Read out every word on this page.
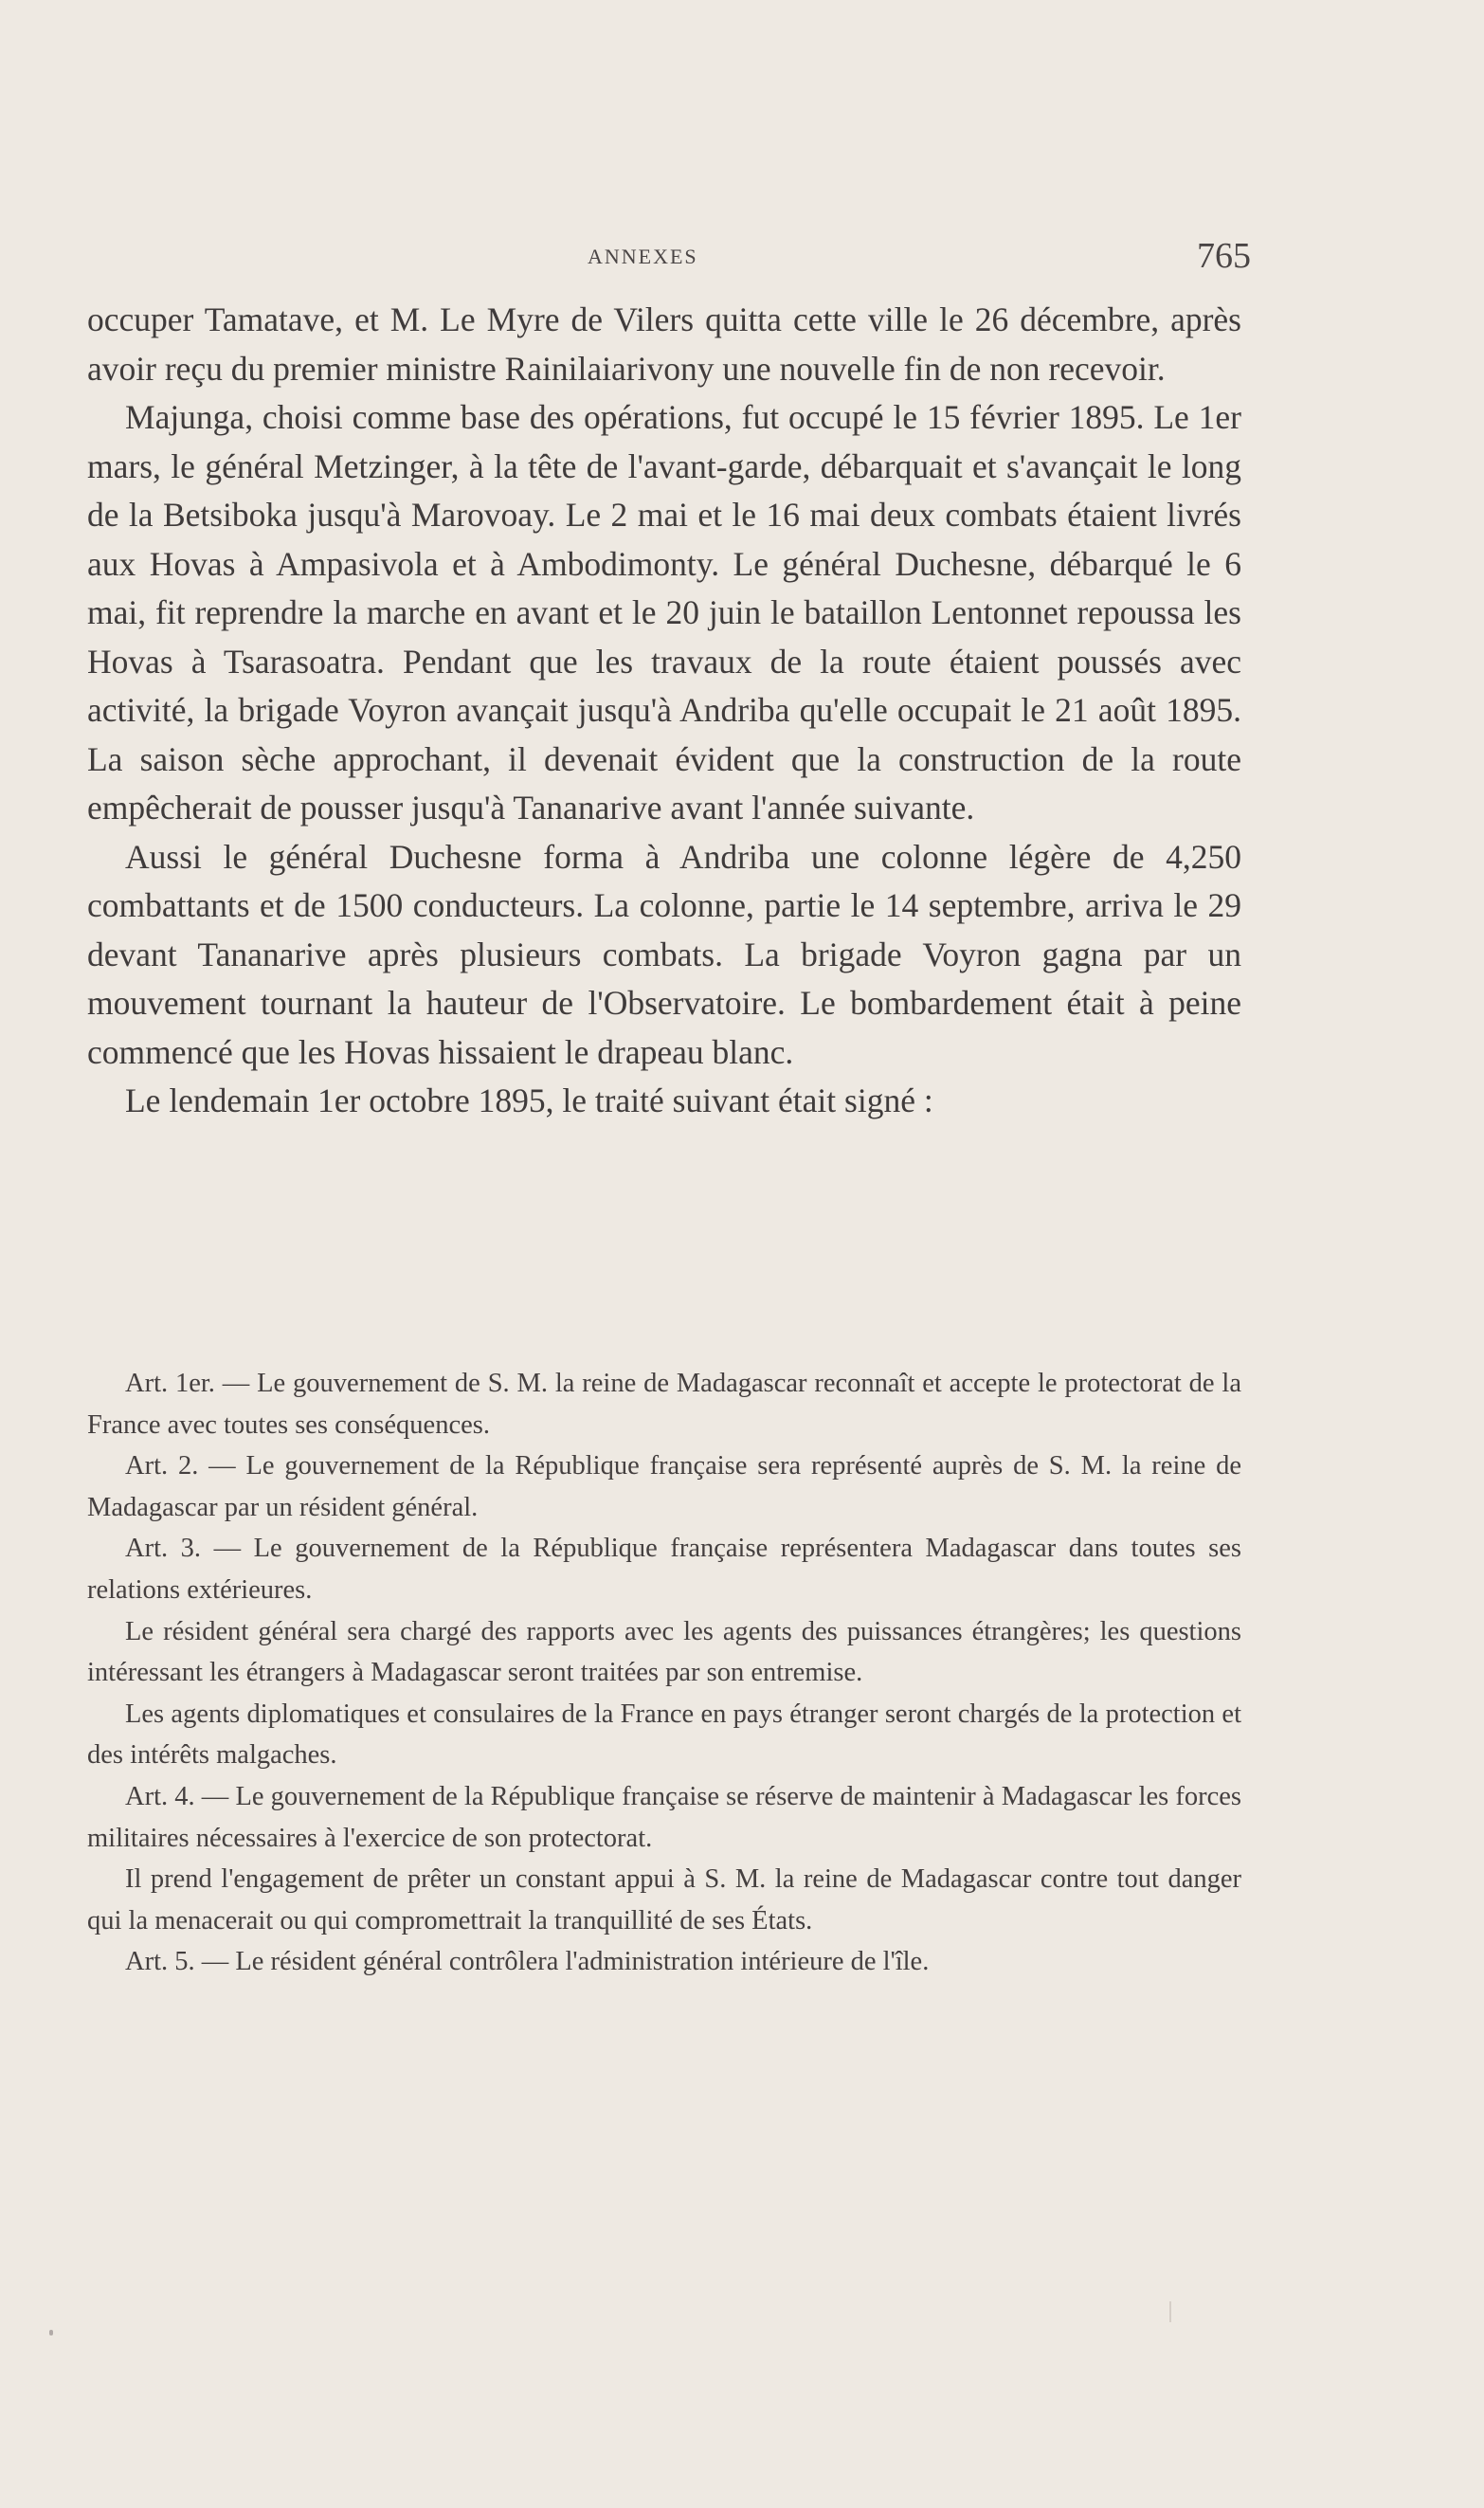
ANNEXES	765

occuper Tamatave, et M. Le Myre de Vilers quitta cette ville le 26 décembre, après avoir reçu du premier ministre Rainilaiarivony une nouvelle fin de non recevoir.

Majunga, choisi comme base des opérations, fut occupé le 15 février 1895. Le 1er mars, le général Metzinger, à la tête de l'avant-garde, débarquait et s'avançait le long de la Betsiboka jusqu'à Marovoay. Le 2 mai et le 16 mai deux combats étaient livrés aux Hovas à Ampasivola et à Ambodimonty. Le général Duchesne, débarqué le 6 mai, fit reprendre la marche en avant et le 20 juin le bataillon Lentonnet repoussa les Hovas à Tsarasoatra. Pendant que les travaux de la route étaient poussés avec activité, la brigade Voyron avançait jusqu'à Andriba qu'elle occupait le 21 août 1895. La saison sèche approchant, il devenait évident que la construction de la route empêcherait de pousser jusqu'à Tananarive avant l'année suivante.

Aussi le général Duchesne forma à Andriba une colonne légère de 4,250 combattants et de 1500 conducteurs. La colonne, partie le 14 septembre, arriva le 29 devant Tananarive après plusieurs combats. La brigade Voyron gagna par un mouvement tournant la hauteur de l'Observatoire. Le bombardement était à peine commencé que les Hovas hissaient le drapeau blanc.

Le lendemain 1er octobre 1895, le traité suivant était signé :

Art. 1er. — Le gouvernement de S. M. la reine de Madagascar reconnaît et accepte le protectorat de la France avec toutes ses conséquences.

Art. 2. — Le gouvernement de la République française sera représenté auprès de S. M. la reine de Madagascar par un résident général.

Art. 3. — Le gouvernement de la République française représentera Madagascar dans toutes ses relations extérieures.

Le résident général sera chargé des rapports avec les agents des puissances étrangères; les questions intéressant les étrangers à Madagascar seront traitées par son entremise.

Les agents diplomatiques et consulaires de la France en pays étranger seront chargés de la protection et des intérêts malgaches.

Art. 4. — Le gouvernement de la République française se réserve de maintenir à Madagascar les forces militaires nécessaires à l'exercice de son protectorat.

Il prend l'engagement de prêter un constant appui à S. M. la reine de Madagascar contre tout danger qui la menacerait ou qui compromettrait la tranquillité de ses États.

Art. 5. — Le résident général contrôlera l'administration intérieure de l'île.
